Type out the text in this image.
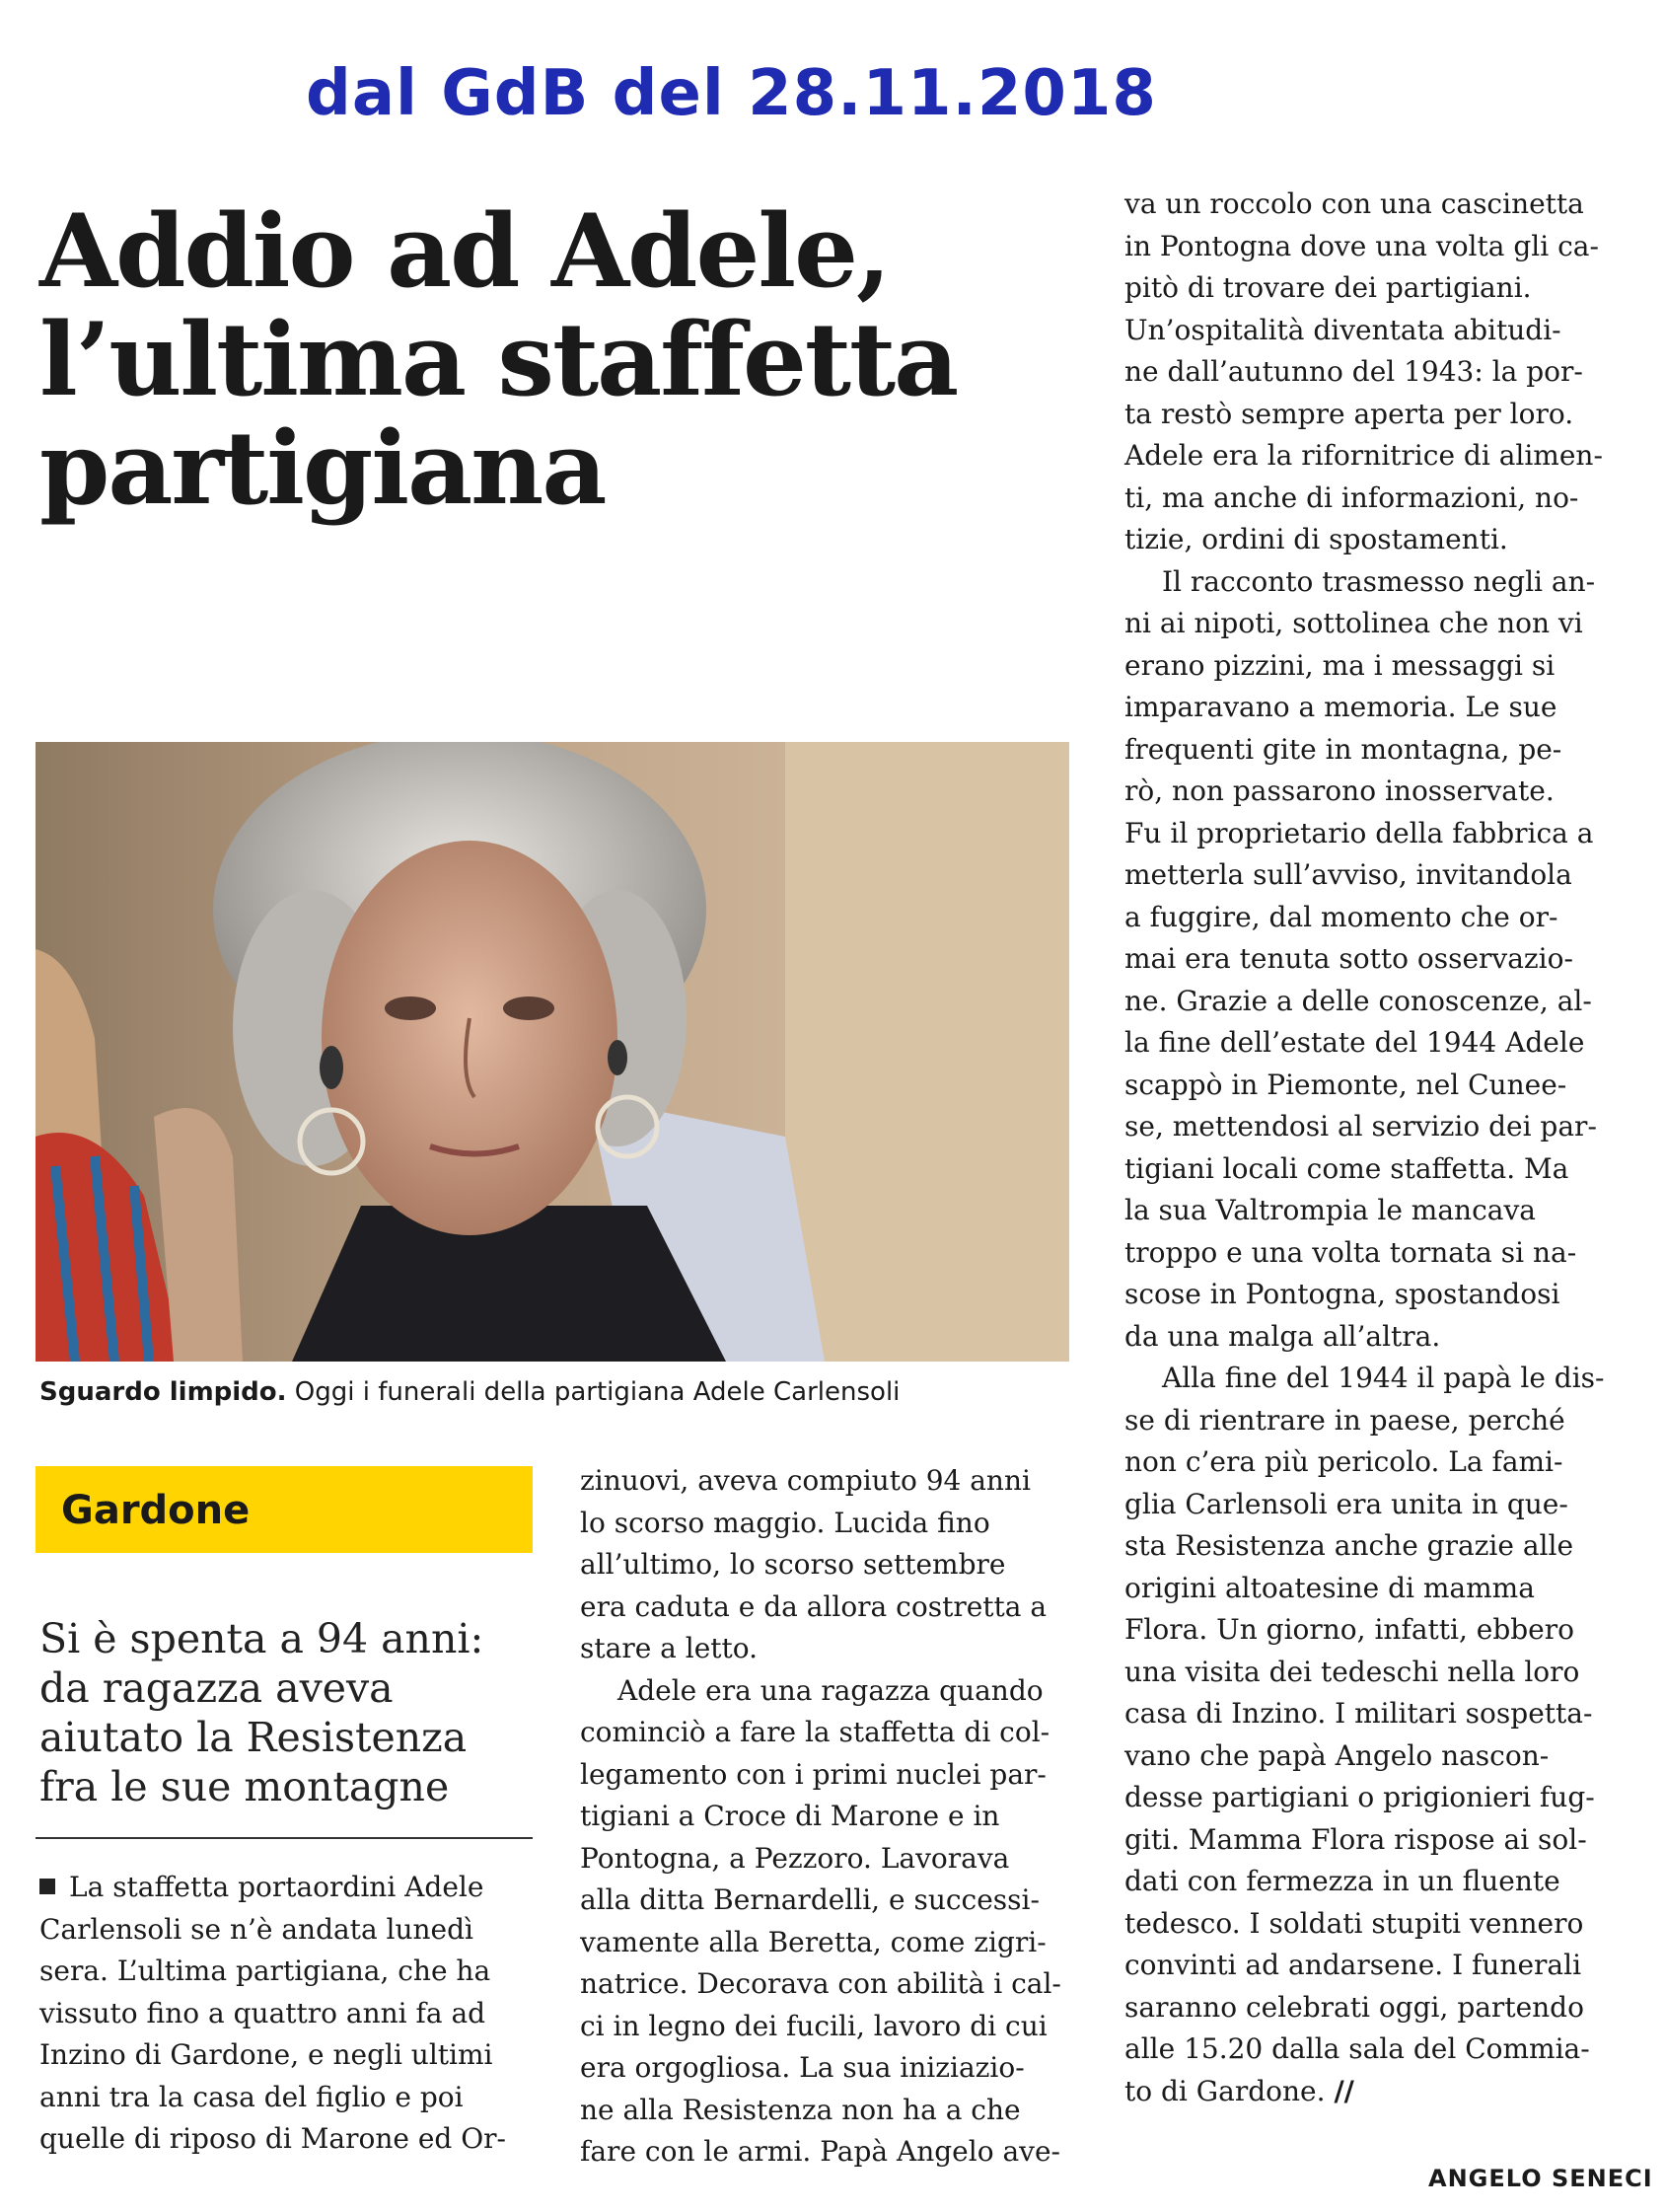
dal GdB del 28.11.2018
Addio ad Adele,
l’ultima staffetta
partigiana
Sguardo limpido. Oggi i funerali della partigiana Adele Carlensoli
Gardone
Si è spenta a 94 anni:
da ragazza aveva
aiutato la Resistenza
fra le sue montagne
La staffetta portaordini Adele
Carlensoli se n’è andata lunedì
sera. L’ultima partigiana, che ha
vissuto fino a quattro anni fa ad
Inzino di Gardone, e negli ultimi
anni tra la casa del figlio e poi
quelle di riposo di Marone ed Or-
zinuovi, aveva compiuto 94 anni
lo scorso maggio. Lucida fino
all’ultimo, lo scorso settembre
era caduta e da allora costretta a
stare a letto.
Adele era una ragazza quando
cominciò a fare la staffetta di col-
legamento con i primi nuclei par-
tigiani a Croce di Marone e in
Pontogna, a Pezzoro. Lavorava
alla ditta Bernardelli, e successi-
vamente alla Beretta, come zigri-
natrice. Decorava con abilità i cal-
ci in legno dei fucili, lavoro di cui
era orgogliosa. La sua iniziazio-
ne alla Resistenza non ha a che
fare con le armi. Papà Angelo ave-
va un roccolo con una cascinetta
in Pontogna dove una volta gli ca-
pitò di trovare dei partigiani.
Un’ospitalità diventata abitudi-
ne dall’autunno del 1943: la por-
ta restò sempre aperta per loro.
Adele era la rifornitrice di alimen-
ti, ma anche di informazioni, no-
tizie, ordini di spostamenti.
Il racconto trasmesso negli an-
ni ai nipoti, sottolinea che non vi
erano pizzini, ma i messaggi si
imparavano a memoria. Le sue
frequenti gite in montagna, pe-
rò, non passarono inosservate.
Fu il proprietario della fabbrica a
metterla sull’avviso, invitandola
a fuggire, dal momento che or-
mai era tenuta sotto osservazio-
ne. Grazie a delle conoscenze, al-
la fine dell’estate del 1944 Adele
scappò in Piemonte, nel Cunee-
se, mettendosi al servizio dei par-
tigiani locali come staffetta. Ma
la sua Valtrompia le mancava
troppo e una volta tornata si na-
scose in Pontogna, spostandosi
da una malga all’altra.
Alla fine del 1944 il papà le dis-
se di rientrare in paese, perché
non c’era più pericolo. La fami-
glia Carlensoli era unita in que-
sta Resistenza anche grazie alle
origini altoatesine di mamma
Flora. Un giorno, infatti, ebbero
una visita dei tedeschi nella loro
casa di Inzino. I militari sospetta-
vano che papà Angelo nascon-
desse partigiani o prigionieri fug-
giti. Mamma Flora rispose ai sol-
dati con fermezza in un fluente
tedesco. I soldati stupiti vennero
convinti ad andarsene. I funerali
saranno celebrati oggi, partendo
alle 15.20 dalla sala del Commia-
to di Gardone. //
ANGELO SENECI
